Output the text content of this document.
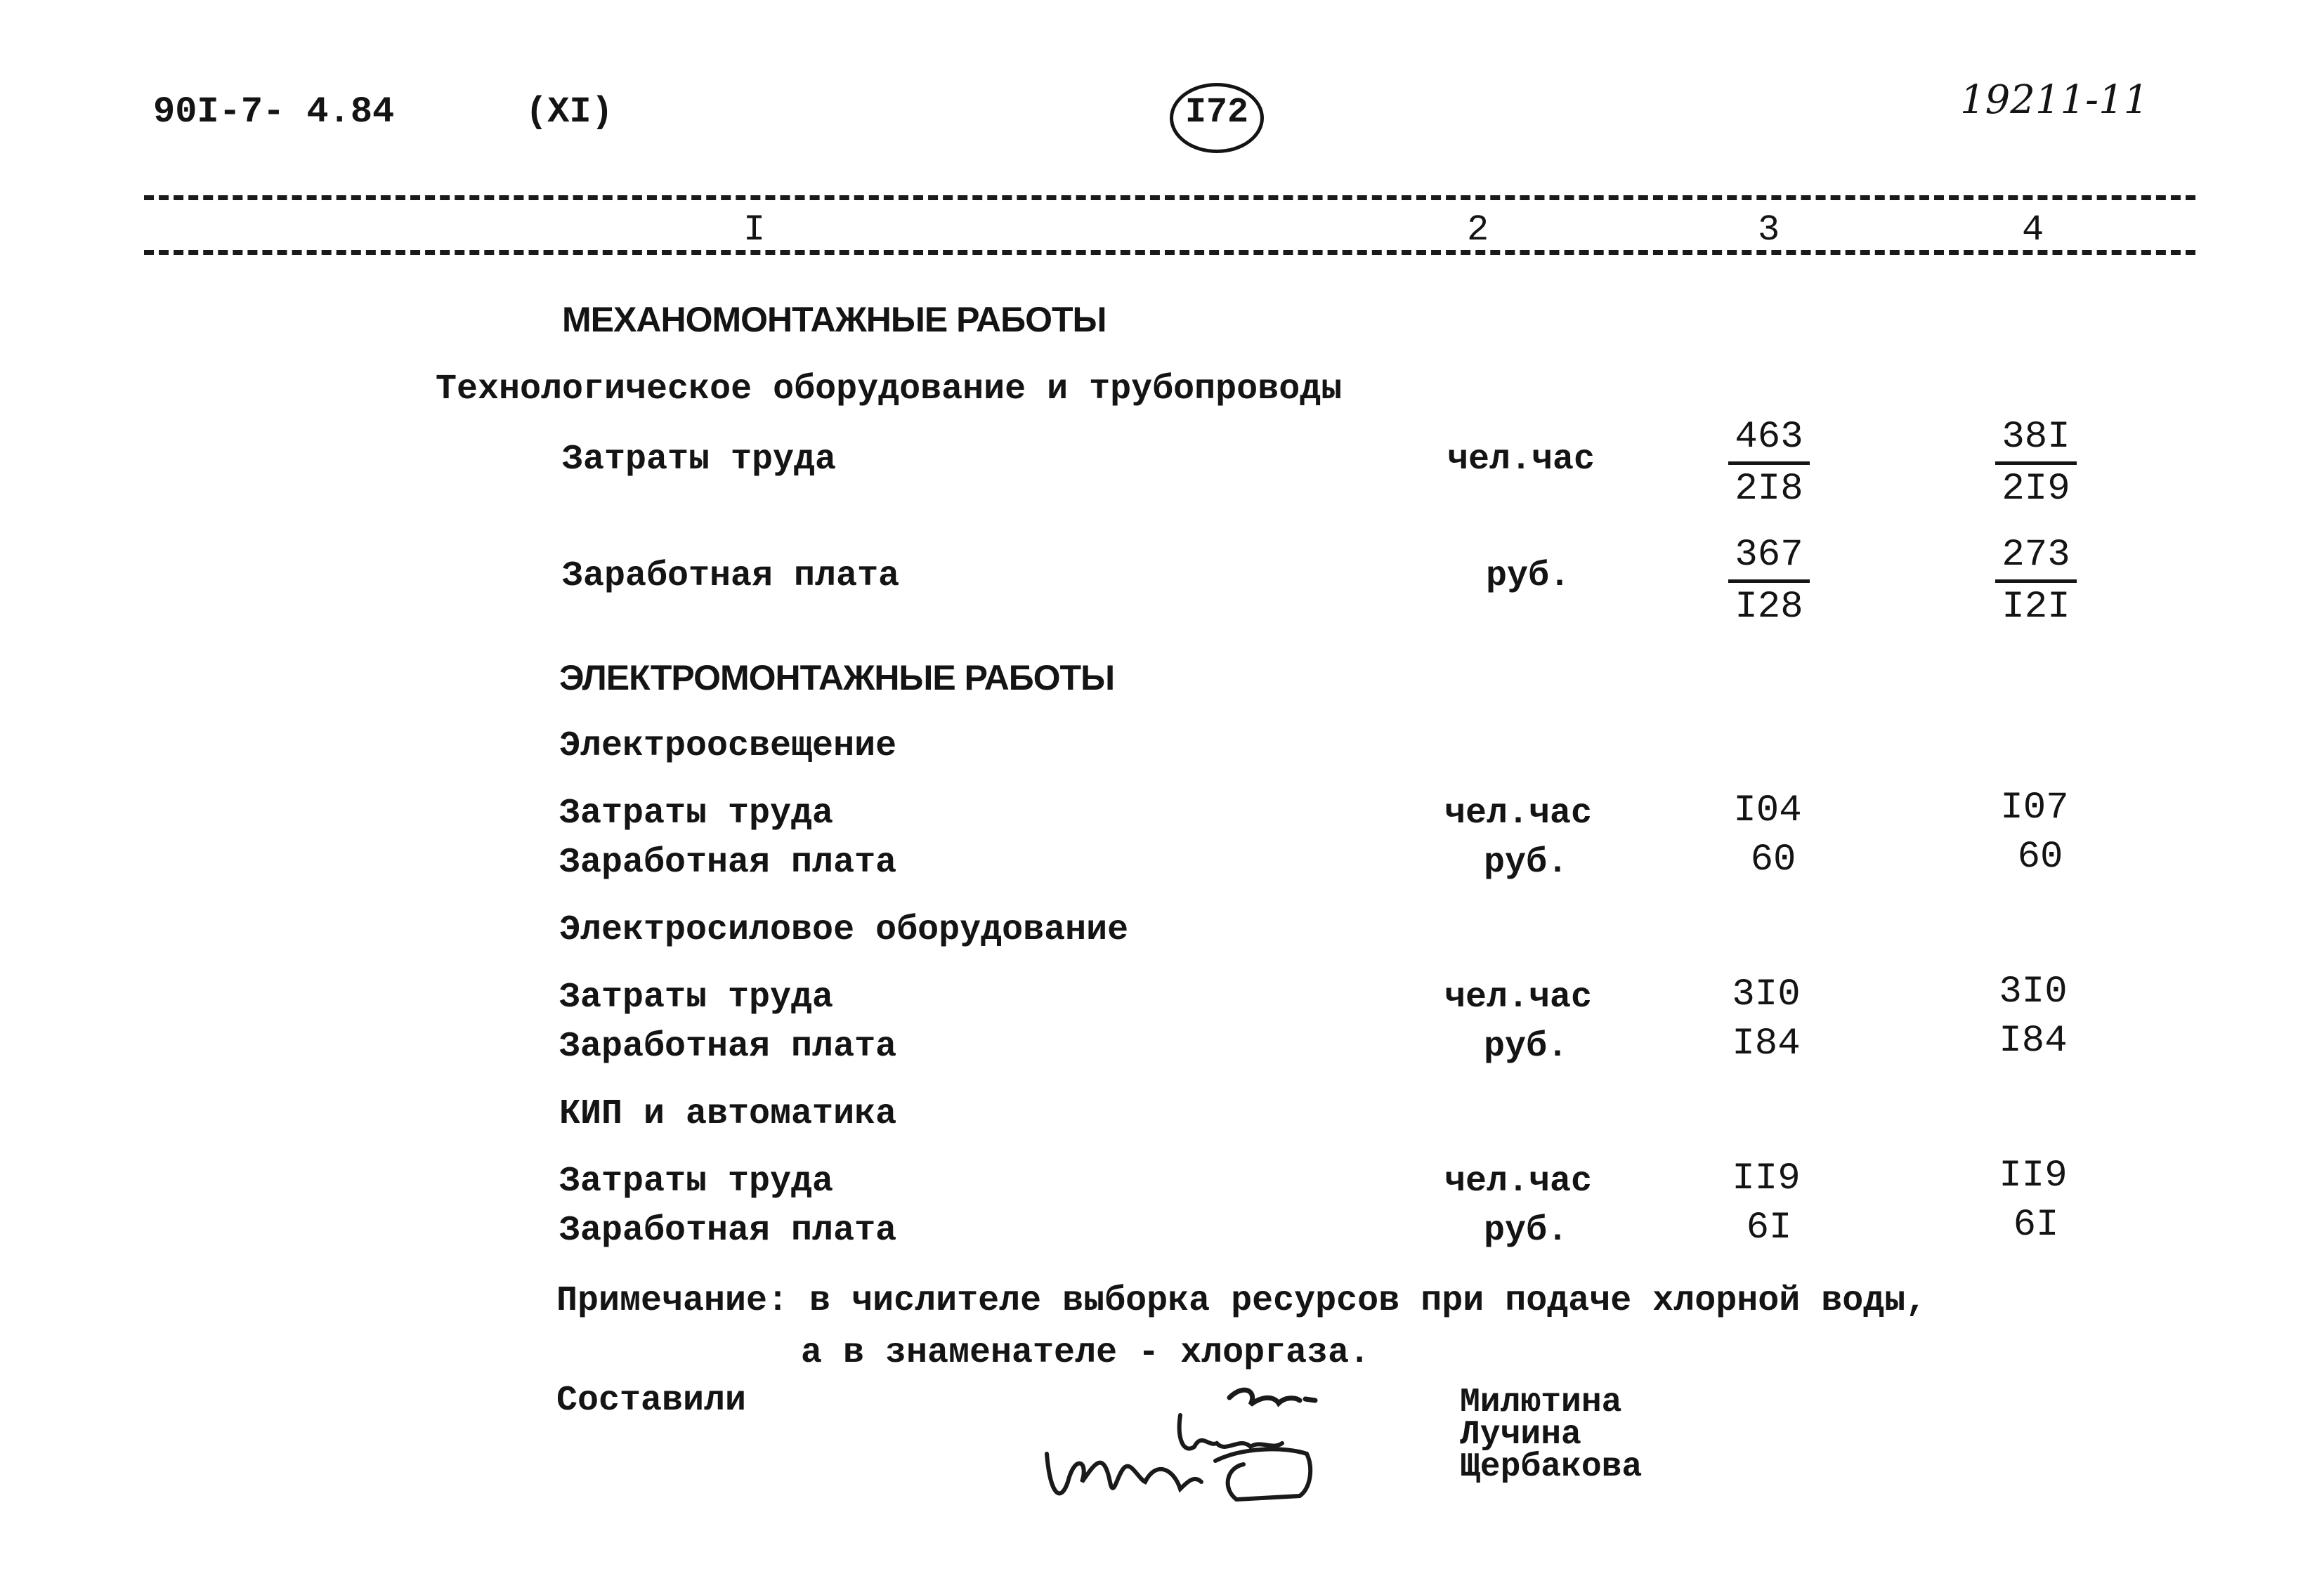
90I-7- 4.84	(XI)	I72	19211-11
I	2	3	4
МЕХАНОМОНТАЖНЫЕ РАБОТЫ
Технологическое оборудование и трубопроводы
Затраты труда	чел.час	$\frac{463}{2I8}$	$\frac{38I}{2I9}$
Заработная плата	руб.	$\frac{367}{I28}$	$\frac{273}{I2I}$
ЭЛЕКТРОМОНТАЖНЫЕ РАБОТЫ
Электроосвещение
Затраты труда	чел.час	I04	I07
Заработная плата	руб.	60	60
Электросиловое оборудование
Затраты труда	чел.час	3I0	3I0
Заработная плата	руб.	I84	I84
КИП и автоматика
Затраты труда	чел.час	II9	II9
Заработная плата	руб.	6I	6I
Примечание: в числителе выборка ресурсов при подаче хлорной воды,
а в знаменателе - хлоргаза.
Составили	Милютина
Лучина
Щербакова
